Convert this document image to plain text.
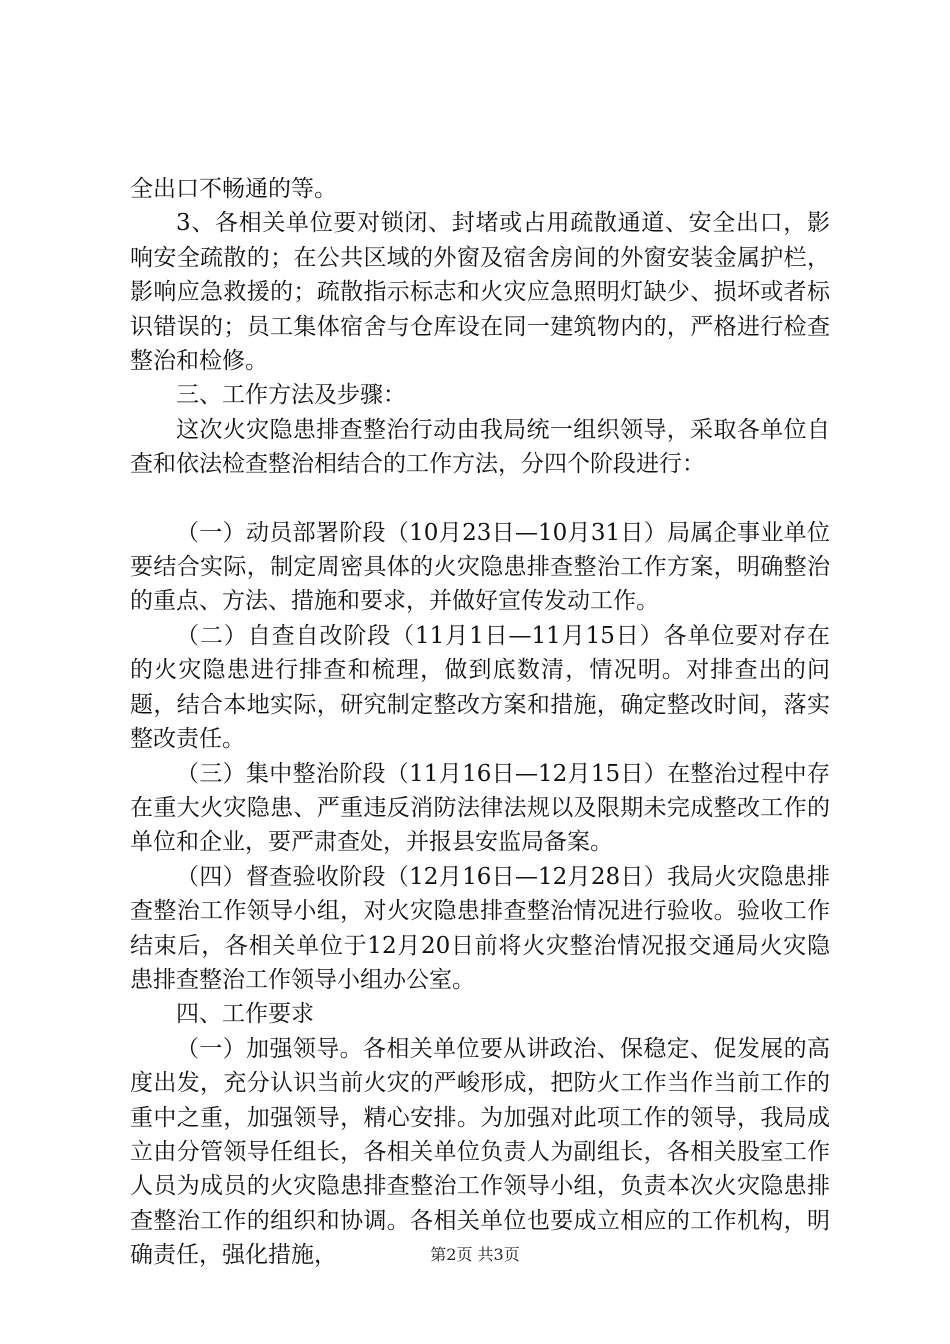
全出口不畅通的等。

3、各相关单位要对锁闭、封堵或占用疏散通道、安全出口，影响安全疏散的；在公共区域的外窗及宿舍房间的外窗安装金属护栏，影响应急救援的；疏散指示标志和火灾应急照明灯缺少、损坏或者标识错误的；员工集体宿舍与仓库设在同一建筑物内的，严格进行检查整治和检修。

三、工作方法及步骤：

这次火灾隐患排查整治行动由我局统一组织领导，采取各单位自查和依法检查整治相结合的工作方法，分四个阶段进行：

（一）动员部署阶段（10月23日—10月31日）局属企事业单位要结合实际，制定周密具体的火灾隐患排查整治工作方案，明确整治的重点、方法、措施和要求，并做好宣传发动工作。

（二）自查自改阶段（11月1日—11月15日）各单位要对存在的火灾隐患进行排查和梳理，做到底数清，情况明。对排查出的问题，结合本地实际，研究制定整改方案和措施，确定整改时间，落实整改责任。

（三）集中整治阶段（11月16日—12月15日）在整治过程中存在重大火灾隐患、严重违反消防法律法规以及限期未完成整改工作的单位和企业，要严肃查处，并报县安监局备案。

（四）督查验收阶段（12月16日—12月28日）我局火灾隐患排查整治工作领导小组，对火灾隐患排查整治情况进行验收。验收工作结束后，各相关单位于12月20日前将火灾整治情况报交通局火灾隐患排查整治工作领导小组办公室。

四、工作要求

（一）加强领导。各相关单位要从讲政治、保稳定、促发展的高度出发，充分认识当前火灾的严峻形成，把防火工作当作当前工作的重中之重，加强领导，精心安排。为加强对此项工作的领导，我局成立由分管领导任组长，各相关单位负责人为副组长，各相关股室工作人员为成员的火灾隐患排查整治工作领导小组，负责本次火灾隐患排查整治工作的组织和协调。各相关单位也要成立相应的工作机构，明确责任，强化措施，	第2页 共3页
